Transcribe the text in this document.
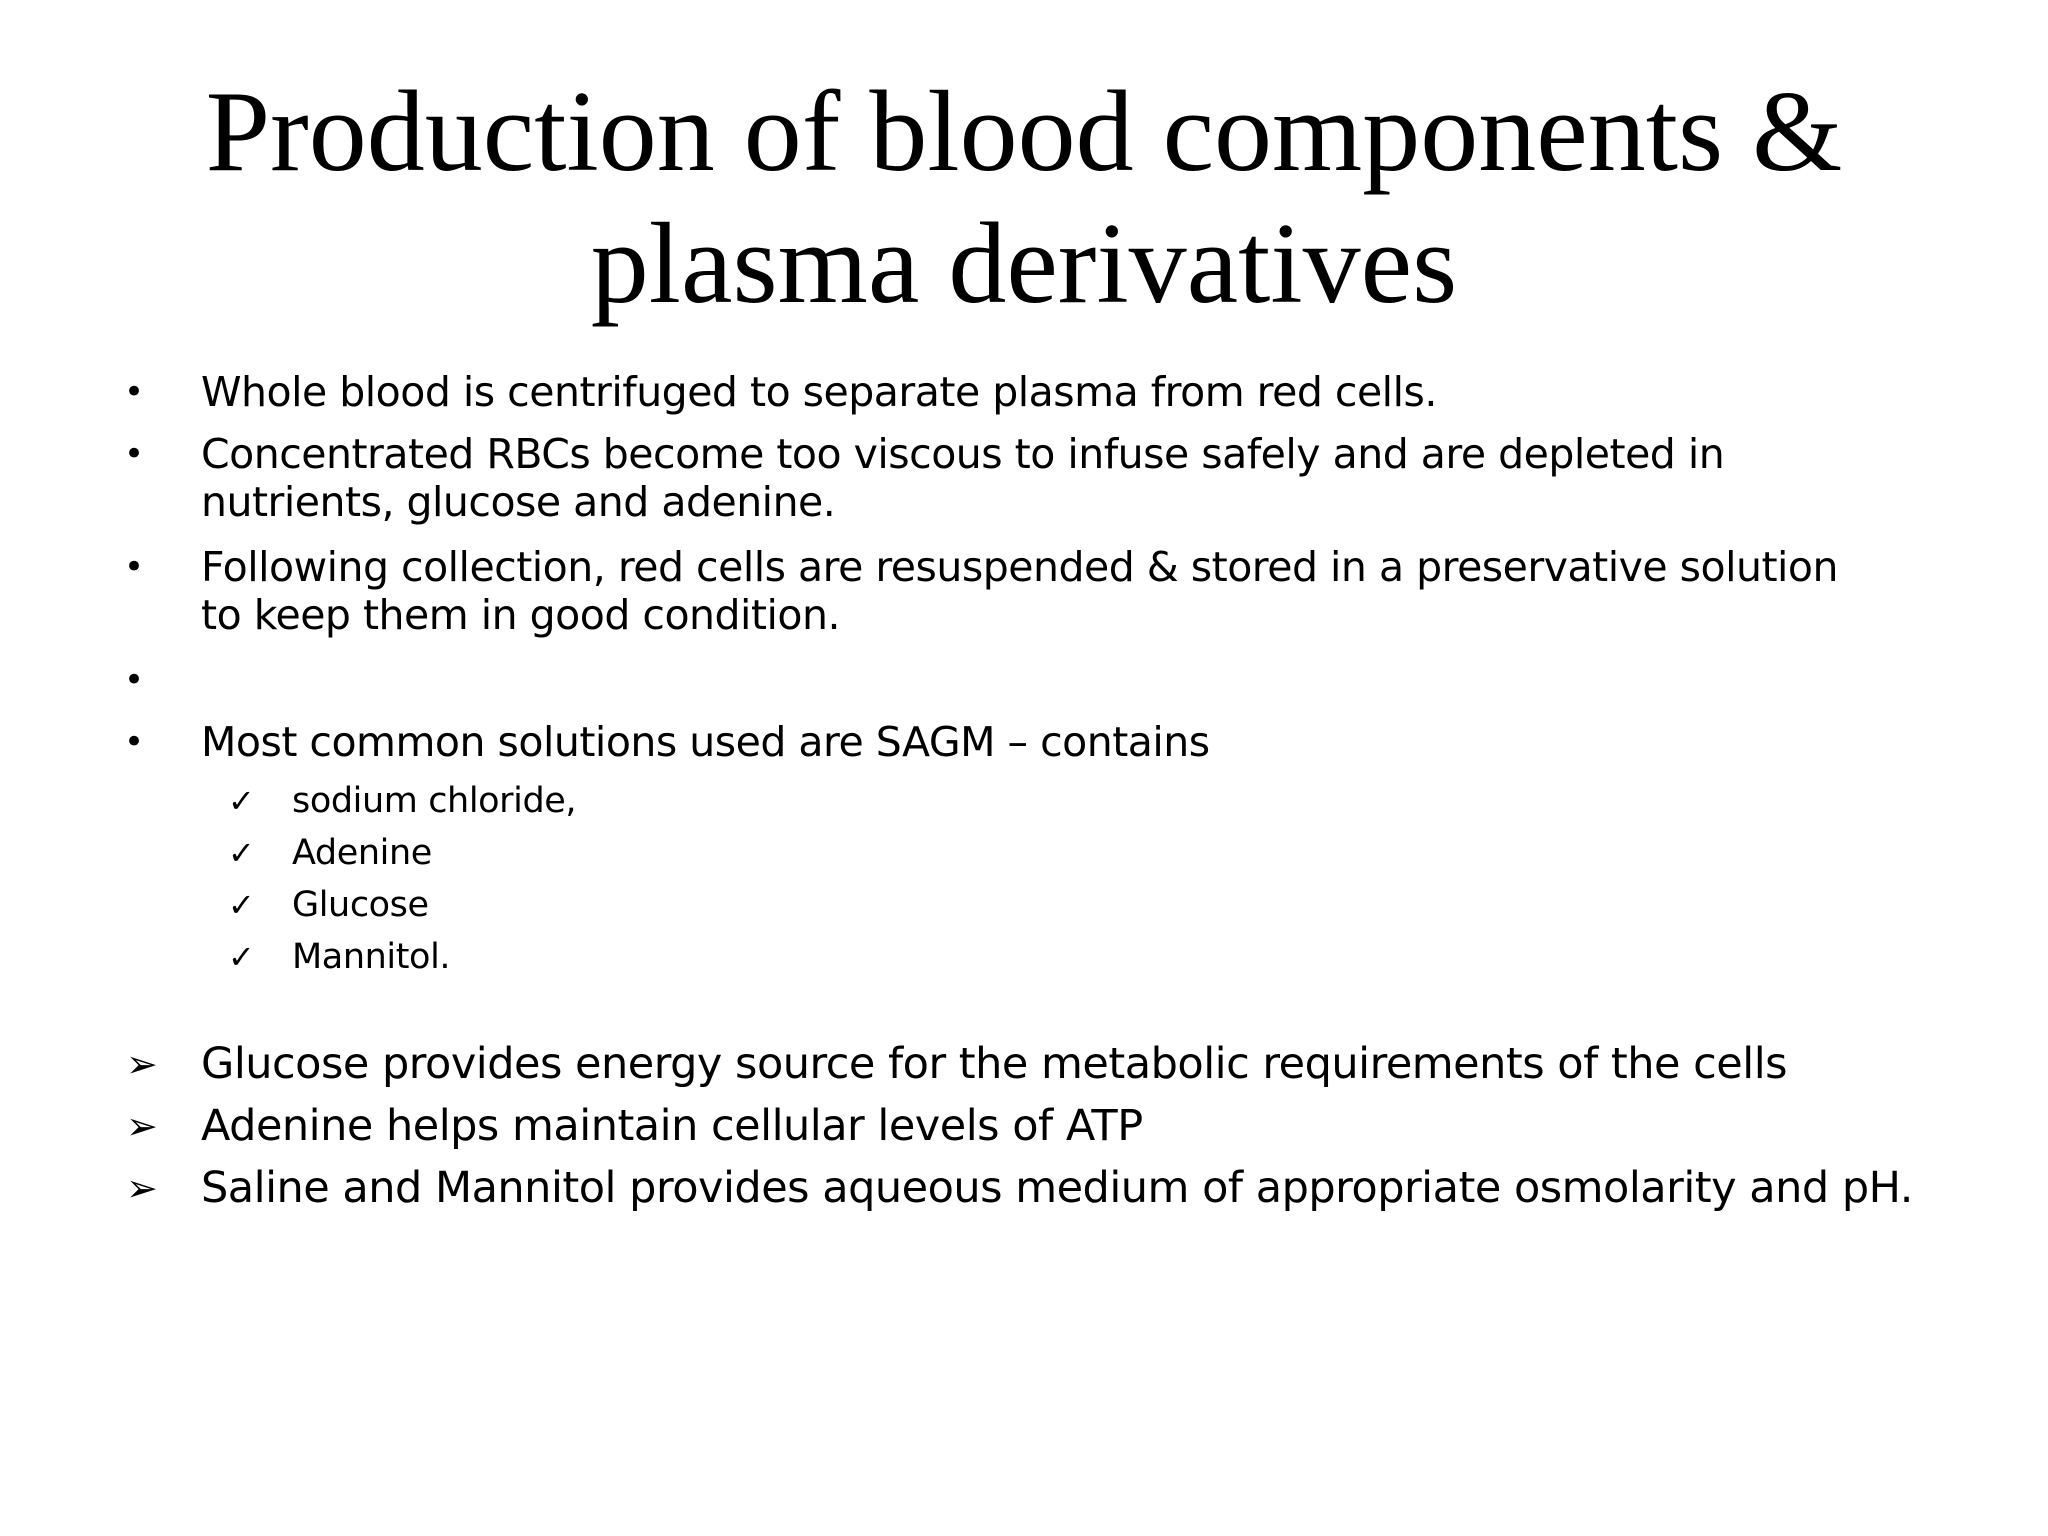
Production of blood components &
plasma derivatives
• Whole blood is centrifuged to separate plasma from red cells.
• Concentrated RBCs become too viscous to infuse safely and are depleted in
nutrients, glucose and adenine.
• Following collection, red cells are resuspended & stored in a preservative solution
to keep them in good condition.
•
• Most common solutions used are SAGM – contains
✓ sodium chloride,
✓ Adenine
✓ Glucose
✓ Mannitol.
➢ Glucose provides energy source for the metabolic requirements of the cells
➢ Adenine helps maintain cellular levels of ATP
➢ Saline and Mannitol provides aqueous medium of appropriate osmolarity and pH.
